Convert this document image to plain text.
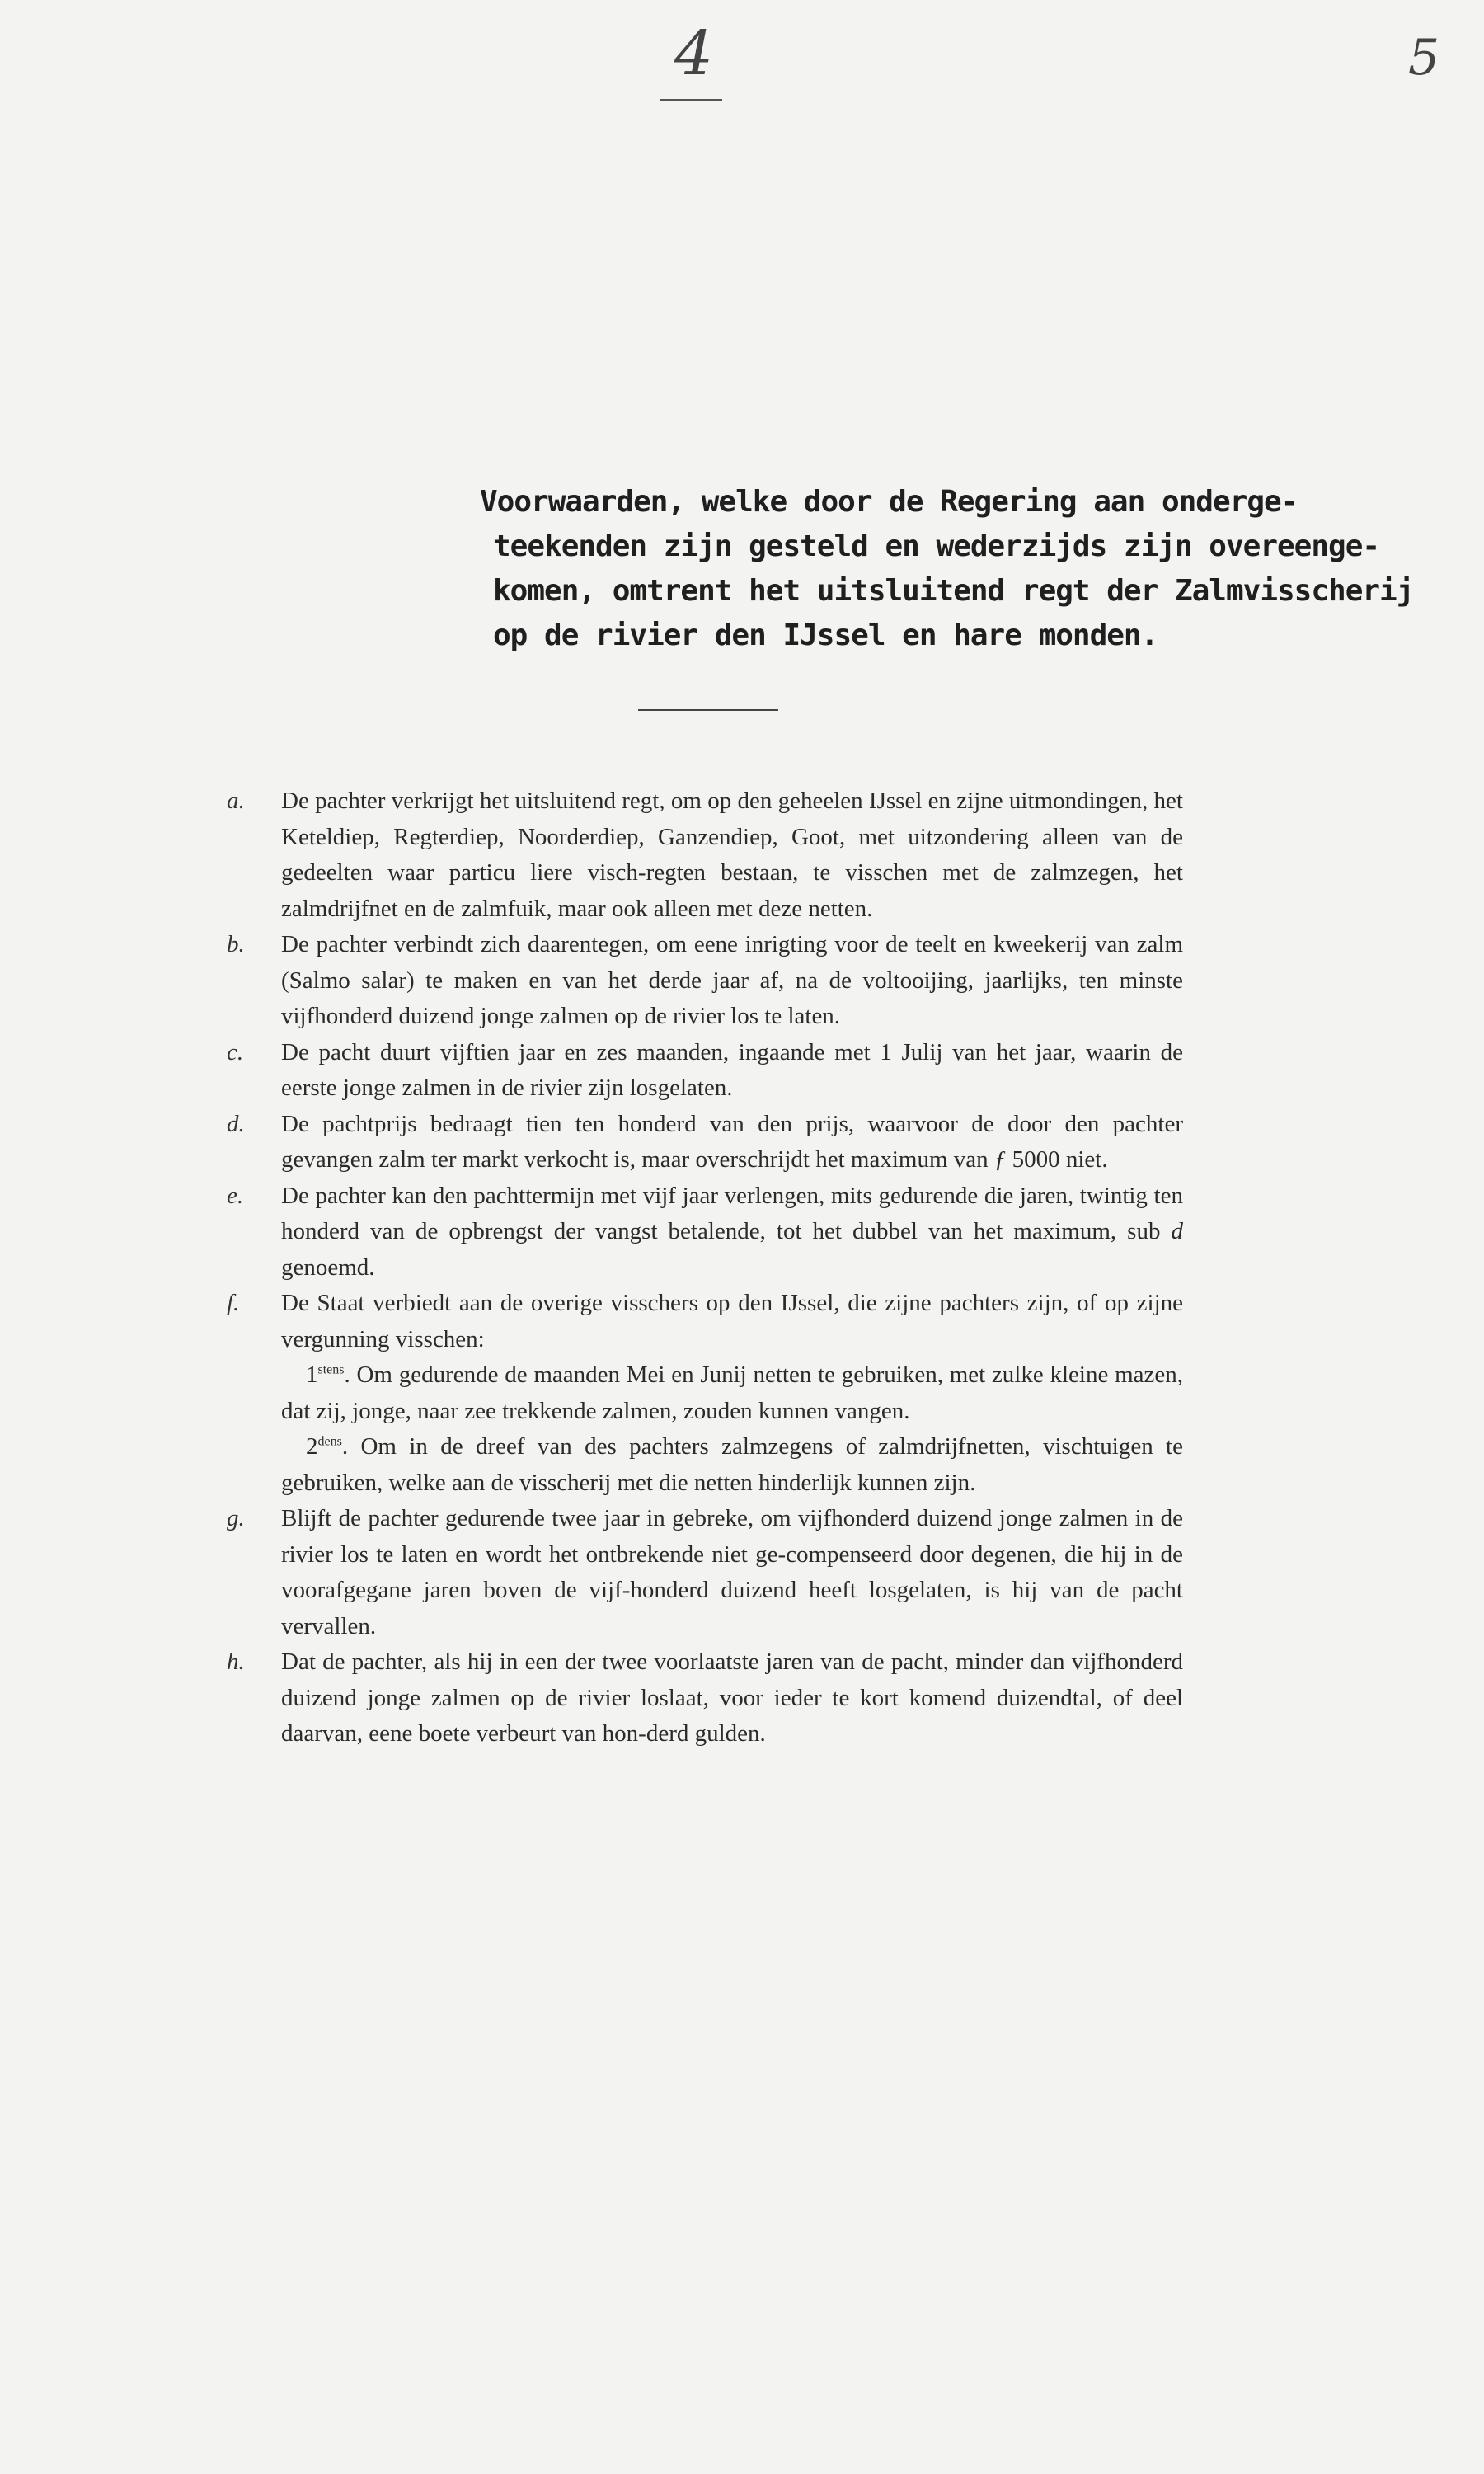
4	5
Voorwaarden, welke door de Regering aan onderge-
teekenden zijn gesteld en wederzijds zijn overeenge-
komen, omtrent het uitsluitend regt der Zalmvisscherij
op de rivier den IJssel en hare monden.

a.	De pachter verkrijgt het uitsluitend regt, om op den geheelen IJssel en zijne uitmondingen, het Keteldiep, Regterdiep, Noorderdiep, Ganzendiep, Goot, met uitzondering alleen van de gedeelten waar particu liere visch-regten bestaan, te visschen met de zalmzegen, het zalmdrijfnet en de zalmfuik, maar ook alleen met deze netten.

b.	De pachter verbindt zich daarentegen, om eene inrigting voor de teelt en kweekerij van zalm (Salmo salar) te maken en van het derde jaar af, na de voltooijing, jaarlijks, ten minste vijfhonderd duizend jonge zalmen op de rivier los te laten.

c.	De pacht duurt vijftien jaar en zes maanden, ingaande met 1 Julij van het jaar, waarin de eerste jonge zalmen in de rivier zijn losgelaten.

d.	De pachtprijs bedraagt tien ten honderd van den prijs, waarvoor de door den pachter gevangen zalm ter markt verkocht is, maar overschrijdt het maximum van ƒ 5000 niet.

e.	De pachter kan den pachttermijn met vijf jaar verlengen, mits gedurende die jaren, twintig ten honderd van de opbrengst der vangst betalende, tot het dubbel van het maximum, sub d genoemd.

f.	De Staat verbiedt aan de overige visschers op den IJssel, die zijne pachters zijn, of op zijne vergunning visschen:
$1^{stens}$. Om gedurende de maanden Mei en Junij netten te gebruiken, met zulke kleine mazen, dat zij, jonge, naar zee trekkende zalmen, zouden kunnen vangen.
$2^{dens}$. Om in de dreef van des pachters zalmzegens of zalmdrijfnetten, vischtuigen te gebruiken, welke aan de visscherij met die netten hinderlijk kunnen zijn.

g.	Blijft de pachter gedurende twee jaar in gebreke, om vijfhonderd duizend jonge zalmen in de rivier los te laten en wordt het ontbrekende niet ge-compenseerd door degenen, die hij in de voorafgegane jaren boven de vijf-honderd duizend heeft losgelaten, is hij van de pacht vervallen.

h.	Dat de pachter, als hij in een der twee voorlaatste jaren van de pacht, minder dan vijfhonderd duizend jonge zalmen op de rivier loslaat, voor ieder te kort komend duizendtal, of deel daarvan, eene boete verbeurt van hon-derd gulden.
